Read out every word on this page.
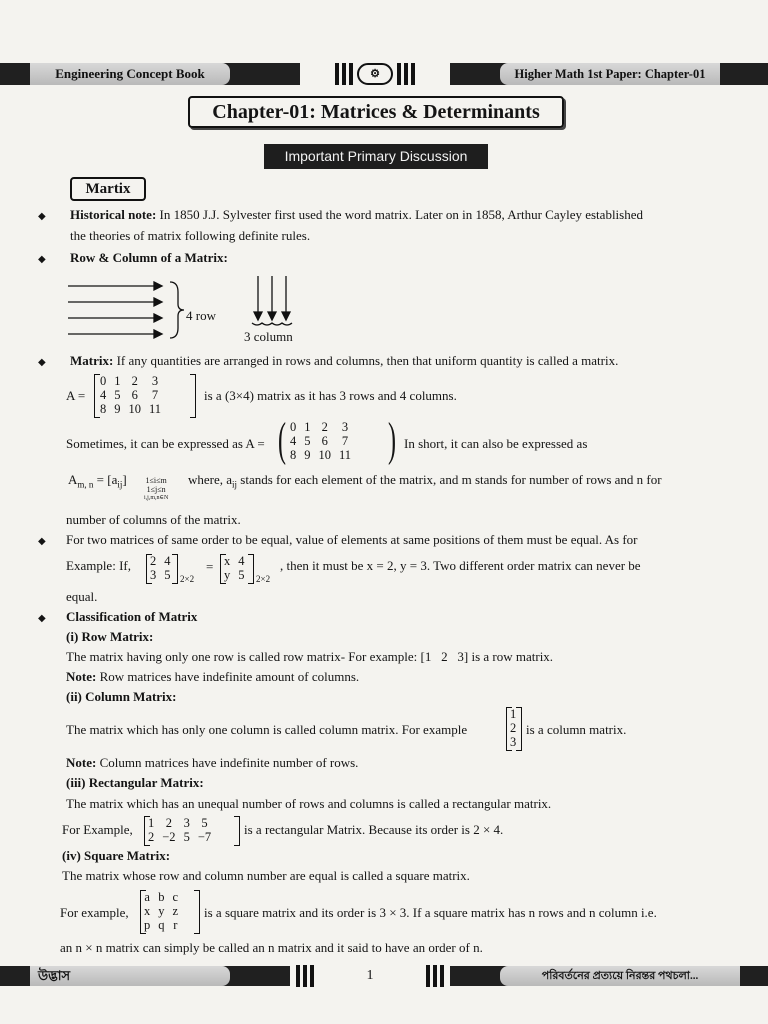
Engineering Concept Book	⚙	Higher Math 1st Paper: Chapter-01
Chapter-01: Matrices & Determinants
Important Primary Discussion
Martix
◆ Historical note: In 1850 J.J. Sylvester first used the word matrix. Later on in 1858, Arthur Cayley established
the theories of matrix following definite rules.
◆ Row & Column of a Matrix:
4 row
3 column
◆ Matrix: If any quantities are arranged in rows and columns, then that uniform quantity is called a matrix.
A =
0	1	2	3
4	5	6	7
8	9	10	11
is a (3×4) matrix as it has 3 rows and 4 columns.
Sometimes, it can be expressed as A = ( 0	1	2	3
4	5	6	7
8	9	10	11 ) In short, it can also be expressed as
$A_{m, n} = [a_{ij}]$ 1≤i≤m
1≤j≤n
i,j,m,n∈N
where, $a_{ij}$ stands for each element of the matrix, and m stands for number of rows and n for
number of columns of the matrix.
◆ For two matrices of same order to be equal, value of elements at same positions of them must be equal. As for
Example: If, 2	4
3	5 2×2
= x	4
y	5 2×2
, then it must be x = 2, y = 3. Two different order matrix can never be
equal.
◆ Classification of Matrix
(i) Row Matrix:
The matrix having only one row is called row matrix- For example: [1 2 3] is a row matrix.
Note: Row matrices have indefinite amount of columns.
(ii) Column Matrix:
The matrix which has only one column is called column matrix. For example
1
2
3
is a column matrix.
Note: Column matrices have indefinite number of rows.
(iii) Rectangular Matrix:
The matrix which has an unequal number of rows and columns is called a rectangular matrix.
For Example, 1	2	3	5
2	−2	5	−7	is a rectangular Matrix. Because its order is 2 × 4.
(iv) Square Matrix:
The matrix whose row and column number are equal is called a square matrix.
For example,
a	b	c
x	y	z
p	q	r
is a square matrix and its order is 3 × 3. If a square matrix has n rows and n column i.e.
an n × n matrix can simply be called an n matrix and it said to have an order of n.
উদ্ভাস	1	পরিবর্তনের প্রত্যয়ে নিরন্তর পথচলা...
